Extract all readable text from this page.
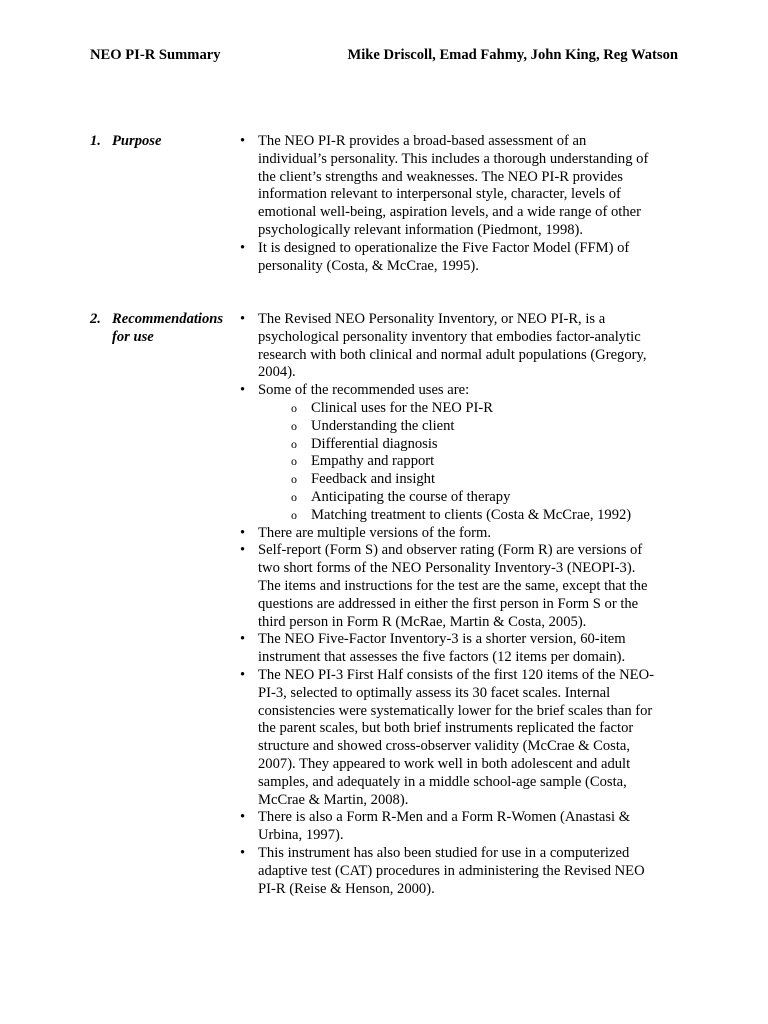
NEO PI-R Summary	Mike Driscoll, Emad Fahmy, John King, Reg Watson
1. Purpose	• The NEO PI-R provides a broad-based assessment of an individual’s personality. This includes a thorough understanding of the client’s strengths and weaknesses. The NEO PI-R provides information relevant to interpersonal style, character, levels of emotional well-being, aspiration levels, and a wide range of other psychologically relevant information (Piedmont, 1998).
• It is designed to operationalize the Five Factor Model (FFM) of personality (Costa, & McCrae, 1995).
2. Recommendations for use
• The Revised NEO Personality Inventory, or NEO PI-R, is a psychological personality inventory that embodies factor-analytic research with both clinical and normal adult populations (Gregory, 2004).
• Some of the recommended uses are:
o Clinical uses for the NEO PI-R
o Understanding the client
o Differential diagnosis
o Empathy and rapport
o Feedback and insight
o Anticipating the course of therapy
o Matching treatment to clients (Costa & McCrae, 1992)
• There are multiple versions of the form.
• Self-report (Form S) and observer rating (Form R) are versions of two short forms of the NEO Personality Inventory-3 (NEOPI-3). The items and instructions for the test are the same, except that the questions are addressed in either the first person in Form S or the third person in Form R (McRae, Martin & Costa, 2005).
• The NEO Five-Factor Inventory-3 is a shorter version, 60-item instrument that assesses the five factors (12 items per domain).
• The NEO PI-3 First Half consists of the first 120 items of the NEO-PI-3, selected to optimally assess its 30 facet scales. Internal consistencies were systematically lower for the brief scales than for the parent scales, but both brief instruments replicated the factor structure and showed cross-observer validity (McCrae & Costa, 2007). They appeared to work well in both adolescent and adult samples, and adequately in a middle school-age sample (Costa, McCrae & Martin, 2008).
• There is also a Form R-Men and a Form R-Women (Anastasi & Urbina, 1997).
• This instrument has also been studied for use in a computerized adaptive test (CAT) procedures in administering the Revised NEO PI-R (Reise & Henson, 2000).
